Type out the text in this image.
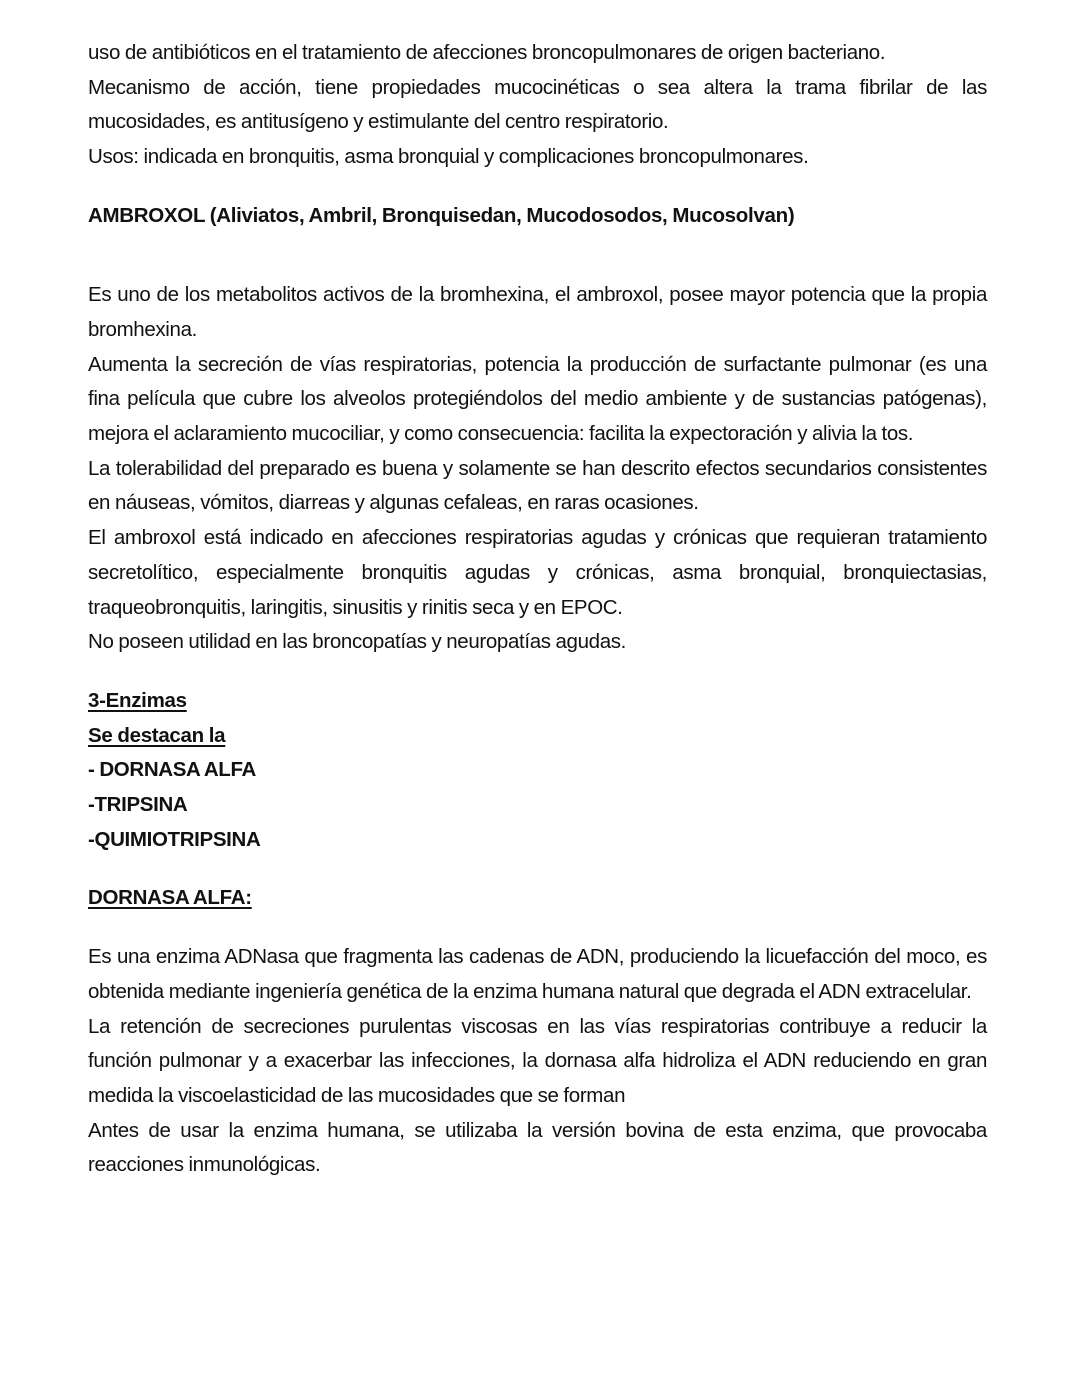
uso de antibióticos en el tratamiento de afecciones broncopulmonares de origen bacteriano.

Mecanismo de acción, tiene propiedades mucocinéticas o sea altera la trama fibrilar de las mucosidades, es antitusígeno y estimulante del centro respiratorio.

Usos: indicada en bronquitis, asma bronquial y complicaciones broncopulmonares.

AMBROXOL (Aliviatos, Ambril, Bronquisedan, Mucodosodos, Mucosolvan)

Es uno de los metabolitos activos de la bromhexina, el ambroxol, posee mayor potencia que la propia bromhexina.

Aumenta la secreción de vías respiratorias, potencia la producción de surfactante pulmonar (es una fina película que cubre los alveolos protegiéndolos del medio ambiente y de sustancias patógenas), mejora el aclaramiento mucociliar, y como consecuencia: facilita la expectoración y alivia la tos.

La tolerabilidad del preparado es buena y solamente se han descrito efectos secundarios consistentes en náuseas, vómitos, diarreas y algunas cefaleas, en raras ocasiones.

El ambroxol está indicado en afecciones respiratorias agudas y crónicas que requieran tratamiento secretolítico, especialmente bronquitis agudas y crónicas, asma bronquial, bronquiectasias, traqueobronquitis, laringitis, sinusitis y rinitis seca y en EPOC.

No poseen utilidad en las broncopatías y neuropatías agudas.

3-Enzimas

Se destacan la

- DORNASA ALFA

-TRIPSINA

-QUIMIOTRIPSINA

DORNASA ALFA:

Es una enzima ADNasa que fragmenta las cadenas de ADN, produciendo la licuefacción del moco, es obtenida mediante ingeniería genética de la enzima humana natural que degrada el ADN extracelular.

La retención de secreciones purulentas viscosas en las vías respiratorias contribuye a reducir la función pulmonar y a exacerbar las infecciones, la dornasa alfa hidroliza el ADN reduciendo en gran medida la viscoelasticidad de las mucosidades que se forman

Antes de usar la enzima humana, se utilizaba la versión bovina de esta enzima, que provocaba reacciones inmunológicas.
